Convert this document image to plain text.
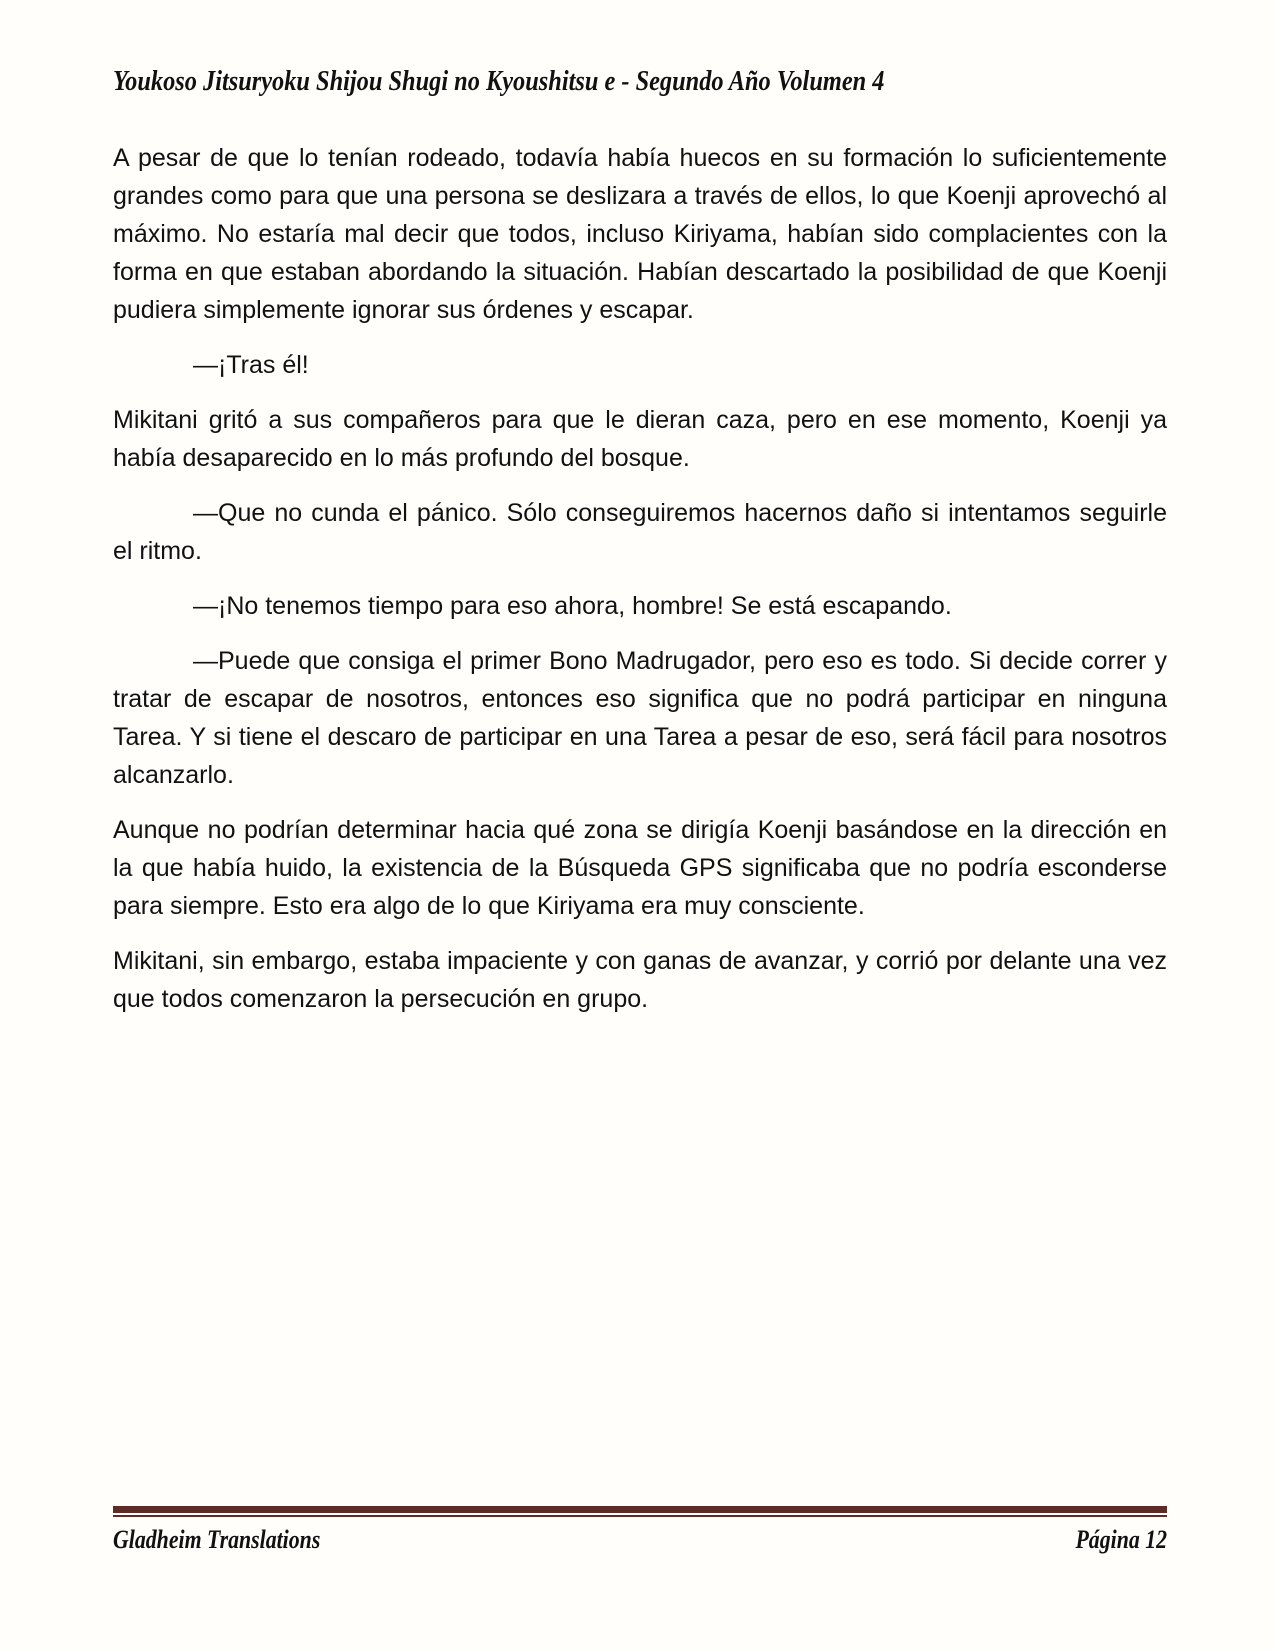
Youkoso Jitsuryoku Shijou Shugi no Kyoushitsu e - Segundo Año Volumen 4

A pesar de que lo tenían rodeado, todavía había huecos en su formación lo suficientemente grandes como para que una persona se deslizara a través de ellos, lo que Koenji aprovechó al máximo. No estaría mal decir que todos, incluso Kiriyama, habían sido complacientes con la forma en que estaban abordando la situación. Habían descartado la posibilidad de que Koenji pudiera simplemente ignorar sus órdenes y escapar.

—¡Tras él!

Mikitani gritó a sus compañeros para que le dieran caza, pero en ese momento, Koenji ya había desaparecido en lo más profundo del bosque.

—Que no cunda el pánico. Sólo conseguiremos hacernos daño si intentamos seguirle el ritmo.

—¡No tenemos tiempo para eso ahora, hombre! Se está escapando.

—Puede que consiga el primer Bono Madrugador, pero eso es todo. Si decide correr y tratar de escapar de nosotros, entonces eso significa que no podrá participar en ninguna Tarea. Y si tiene el descaro de participar en una Tarea a pesar de eso, será fácil para nosotros alcanzarlo.

Aunque no podrían determinar hacia qué zona se dirigía Koenji basándose en la dirección en la que había huido, la existencia de la Búsqueda GPS significaba que no podría esconderse para siempre. Esto era algo de lo que Kiriyama era muy consciente.

Mikitani, sin embargo, estaba impaciente y con ganas de avanzar, y corrió por delante una vez que todos comenzaron la persecución en grupo.

Gladheim Translations	Página 12
